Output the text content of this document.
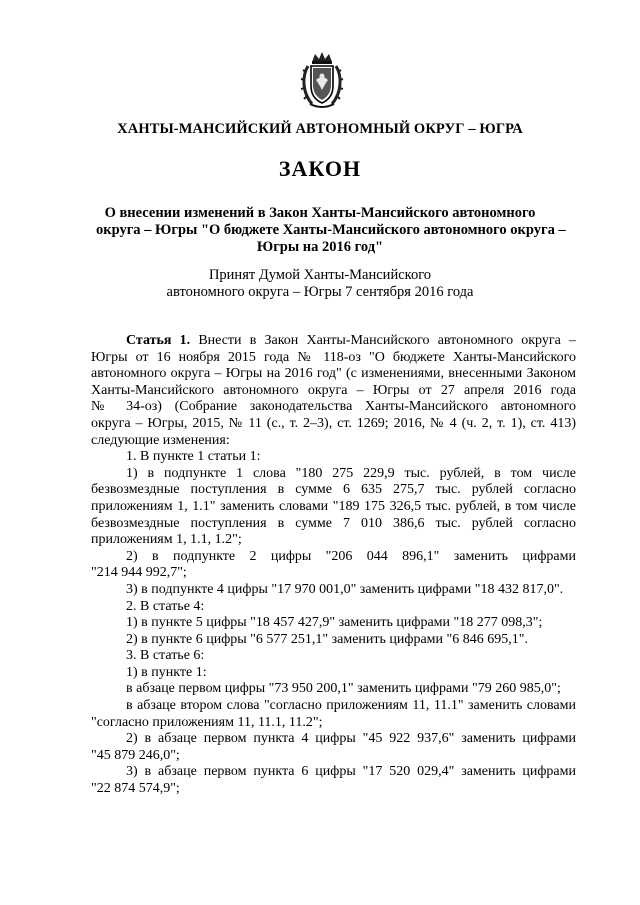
ХАНТЫ-МАНСИЙСКИЙ АВТОНОМНЫЙ ОКРУГ – ЮГРА
ЗАКОН
О внесении изменений в Закон Ханты-Мансийского автономного
округа – Югры "О бюджете Ханты-Мансийского автономного округа –
Югры на 2016 год"
Принят Думой Ханты-Мансийского
автономного округа – Югры 7 сентября 2016 года
Статья 1. Внести в Закон Ханты-Мансийского автономного округа –
Югры от 16 ноября 2015 года № 118-оз "О бюджете Ханты-Мансийского
автономного округа – Югры на 2016 год" (с изменениями, внесенными Законом
Ханты-Мансийского автономного округа – Югры от 27 апреля 2016 года
№ 34-оз) (Собрание законодательства Ханты-Мансийского автономного
округа – Югры, 2015, № 11 (с., т. 2–3), ст. 1269; 2016, № 4 (ч. 2, т. 1), ст. 413)
следующие изменения:
1. В пункте 1 статьи 1:
1) в подпункте 1 слова "180 275 229,9 тыс. рублей, в том числе
безвозмездные поступления в сумме 6 635 275,7 тыс. рублей согласно
приложениям 1, 1.1" заменить словами "189 175 326,5 тыс. рублей, в том числе
безвозмездные поступления в сумме 7 010 386,6 тыс. рублей согласно
приложениям 1, 1.1, 1.2";
2) в подпункте 2 цифры "206 044 896,1" заменить цифрами
"214 944 992,7";
3) в подпункте 4 цифры "17 970 001,0" заменить цифрами "18 432 817,0".
2. В статье 4:
1) в пункте 5 цифры "18 457 427,9" заменить цифрами "18 277 098,3";
2) в пункте 6 цифры "6 577 251,1" заменить цифрами "6 846 695,1".
3. В статье 6:
1) в пункте 1:
в абзаце первом цифры "73 950 200,1" заменить цифрами "79 260 985,0";
в абзаце втором слова "согласно приложениям 11, 11.1" заменить словами
"согласно приложениям 11, 11.1, 11.2";
2) в абзаце первом пункта 4 цифры "45 922 937,6" заменить цифрами
"45 879 246,0";
3) в абзаце первом пункта 6 цифры "17 520 029,4" заменить цифрами
"22 874 574,9";
